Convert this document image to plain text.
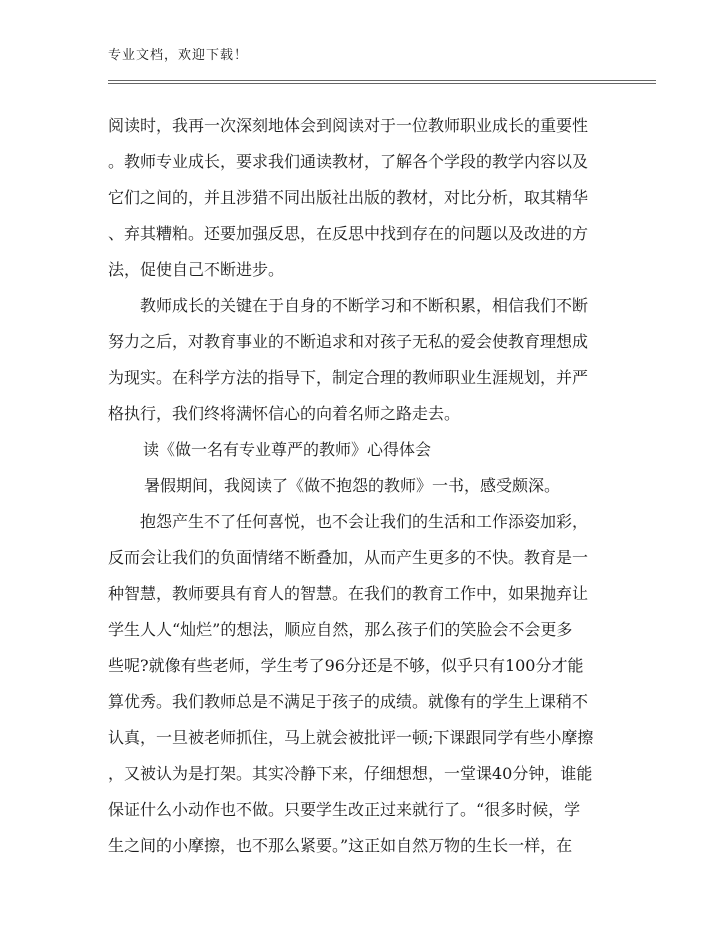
专业文档，欢迎下载！
阅读时，我再一次深刻地体会到阅读对于一位教师职业成长的重要性
。教师专业成长，要求我们通读教材，了解各个学段的教学内容以及
它们之间的，并且涉猎不同出版社出版的教材，对比分析，取其精华
、弃其糟粕。还要加强反思，在反思中找到存在的问题以及改进的方
法，促使自己不断进步。
教师成长的关键在于自身的不断学习和不断积累，相信我们不断
努力之后，对教育事业的不断追求和对孩子无私的爱会使教育理想成
为现实。在科学方法的指导下，制定合理的教师职业生涯规划，并严
格执行，我们终将满怀信心的向着名师之路走去。
读《做一名有专业尊严的教师》心得体会
暑假期间，我阅读了《做不抱怨的教师》一书，感受颇深。
抱怨产生不了任何喜悦，也不会让我们的生活和工作添姿加彩，
反而会让我们的负面情绪不断叠加，从而产生更多的不快。教育是一
种智慧，教师要具有育人的智慧。在我们的教育工作中，如果抛弃让
学生人人“灿烂”的想法，顺应自然，那么孩子们的笑脸会不会更多
些呢?就像有些老师，学生考了96分还是不够，似乎只有100分才能
算优秀。我们教师总是不满足于孩子的成绩。就像有的学生上课稍不
认真，一旦被老师抓住，马上就会被批评一顿;下课跟同学有些小摩擦
，又被认为是打架。其实冷静下来，仔细想想，一堂课40分钟，谁能
保证什么小动作也不做。只要学生改正过来就行了。“很多时候，学
生之间的小摩擦，也不那么紧要。”这正如自然万物的生长一样，在
